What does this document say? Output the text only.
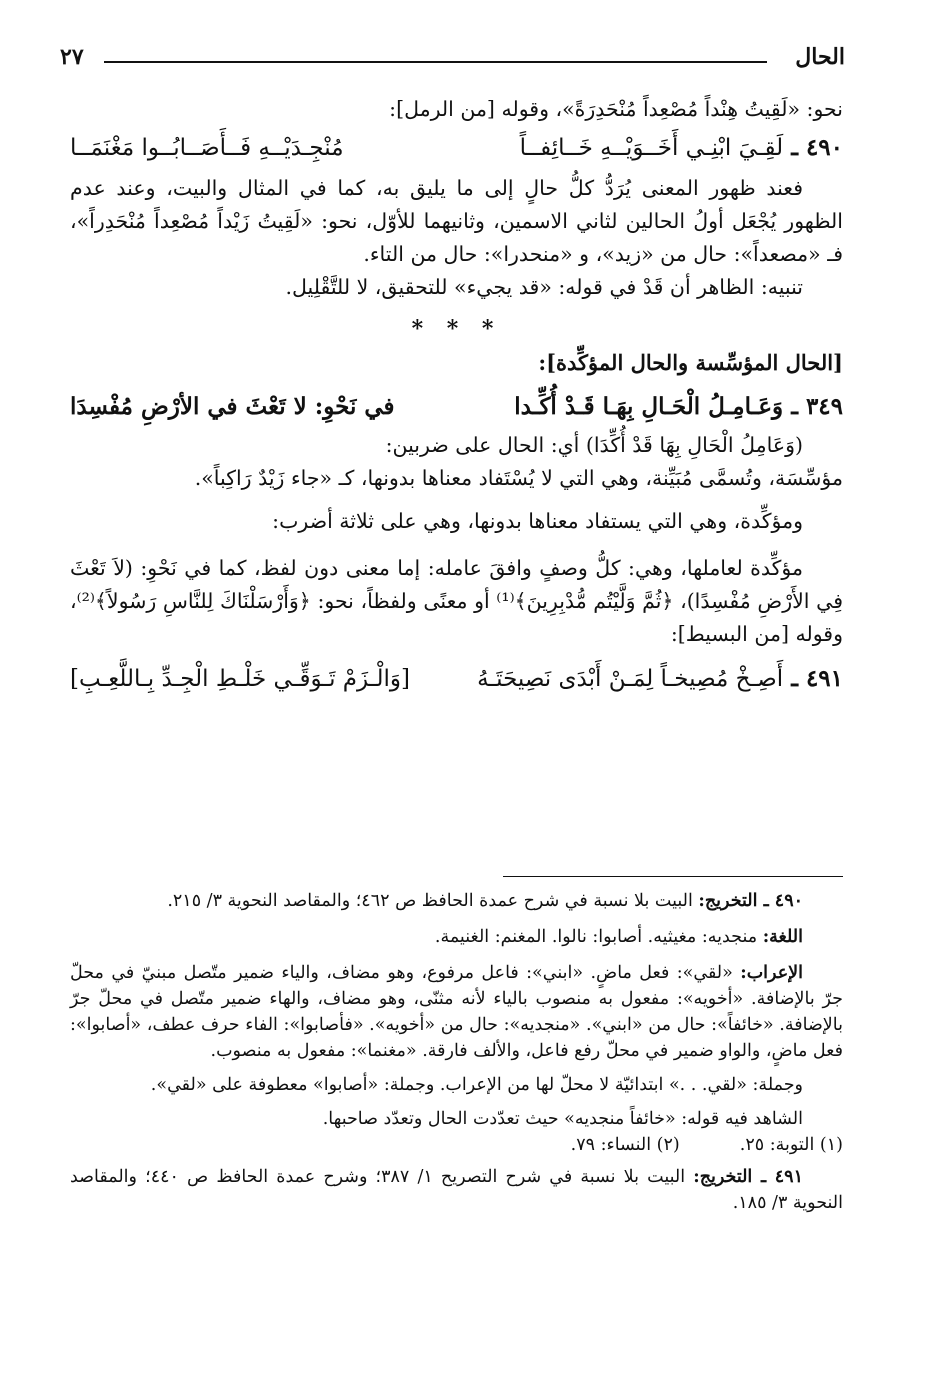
الحال
٢٧

نحو: «لَقِيتُ هِنْداً مُصْعِداً مُنْحَدِرَةً»، وقوله [من الرمل]:

٤٩٠ ـ لَقِـيَ ابْنِـي أَخَــوَيْــهِ خَــائِفــاً
مُنْجِـدَيْــهِ فَــأَصَــابُــوا مَغْنَمَــا

فعند ظهور المعنى يُرَدُّ كلُّ حالٍ إلى ما يليق به، كما في المثال والبيت، وعند عدم الظهور يُجْعَل أولُ الحالين لثاني الاسمين، وثانيهما للأوّل، نحو: «لَقِيتُ زَيْداً مُصْعِداً مُنْحَدِراً»، فـ «مصعداً»: حال من «زيد»، و «منحدرا»: حال من التاء.

تنبيه: الظاهر أن قَدْ في قوله: «قد يجيء» للتحقيق، لا للتَّقْلِيل.

* * *

[الحال المؤسِّسة والحال المؤكِّدة]:

٣٤٩ ـ وَعَـامِـلُ الْحَـالِ بِهَـا قَـدْ أُكِّـدا
في نَحْوِ: لا تَعْثَ في الأرْضِ مُفْسِدَا

(وَعَامِلُ الْحَالِ بِهَا قَدْ أُكِّدَا) أي: الحال على ضربين:

مؤسِّسَة، وتُسمَّى مُبَيِّنة، وهي التي لا يُسْتَفاد معناها بدونها، كـ «جاء زَيْدٌ رَاكِباً».

ومؤكِّدة، وهي التي يستفاد معناها بدونها، وهي على ثلاثة أضرب:

مؤكِّدة لعاملها، وهي: كلُّ وصفٍ وافقَ عامله: إما معنى دون لفظ، كما في نَحْوِ: (لاَ تَعْثَ فِي الأَرْضِ مُفْسِدًا)، ﴿ثُمَّ وَلَّيْتُم مُّدْبِرِينَ﴾⁽¹⁾ أو معنًى ولفظاً، نحو: ﴿وَأَرْسَلْنَاكَ لِلنَّاسِ رَسُولاً﴾⁽²⁾، وقوله [من البسيط]:

٤٩١ ـ أَصِـخْ مُصِيخـاً لِمَـنْ أَبْدَى نَصِيحَتَـهُ
[وَالْـزَمْ تَـوَقِّـي خَلْـطِ الْجِـدِّ بِـاللَّعِـبِ]

٤٩٠ ـ التخريج: البيت بلا نسبة في شرح عمدة الحافظ ص ٤٦٢؛ والمقاصد النحوية ٣/ ٢١٥.

اللغة: منجديه: مغيثيه. أصابوا: نالوا. المغنم: الغنيمة.

الإعراب: «لقي»: فعل ماضٍ. «ابني»: فاعل مرفوع، وهو مضاف، والياء ضمير متّصل مبنيّ في محلّ جرّ بالإضافة. «أخويه»: مفعول به منصوب بالياء لأنه مثنّى، وهو مضاف، والهاء ضمير متّصل في محلّ جرّ بالإضافة. «خائفاً»: حال من «ابني». «منجديه»: حال من «أخويه». «فأصابوا»: الفاء حرف عطف، «أصابوا»: فعل ماضٍ، والواو ضمير في محلّ رفع فاعل، والألف فارقة. «مغنما»: مفعول به منصوب.

وجملة: «لقي. . .» ابتدائيّة لا محلّ لها من الإعراب. وجملة: «أصابوا» معطوفة على «لقي».

الشاهد فيه قوله: «خائفاً منجديه» حيث تعدّدت الحال وتعدّد صاحبها.

(١) التوبة: ٢٥.
(٢) النساء: ٧٩.

٤٩١ ـ التخريج: البيت بلا نسبة في شرح التصريح ١/ ٣٨٧؛ وشرح عمدة الحافظ ص ٤٤٠؛ والمقاصد النحوية ٣/ ١٨٥.
